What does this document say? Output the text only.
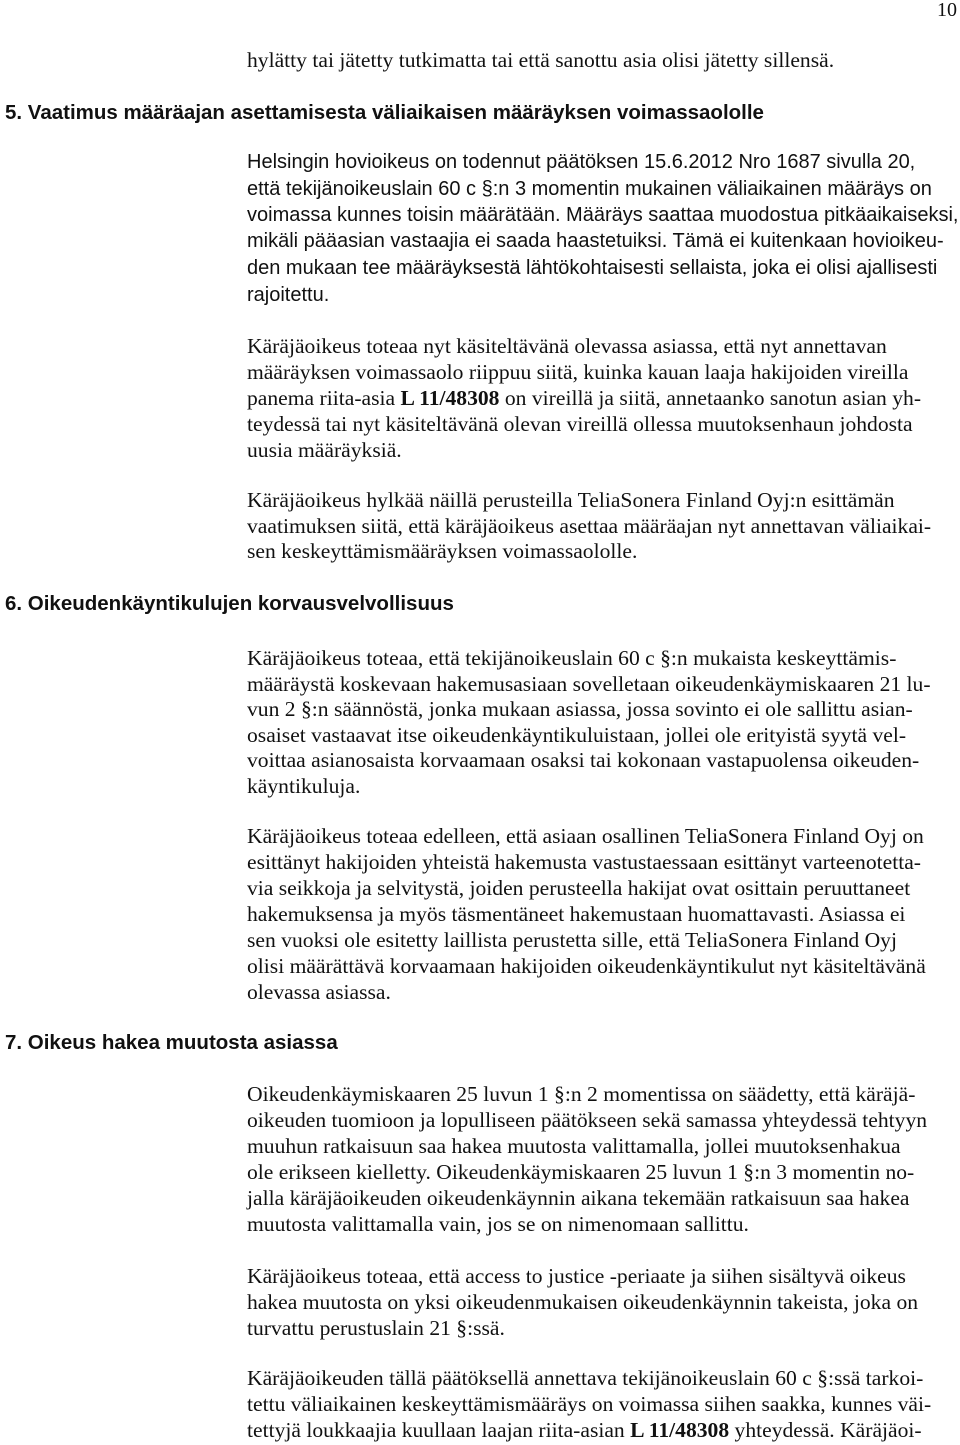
10
hylätty tai jätetty tutkimatta tai että sanottu asia olisi jätetty sillensä.
5. Vaatimus määräajan asettamisesta väliaikaisen määräyksen voimassaololle
Helsingin hovioikeus on todennut päätöksen 15.6.2012 Nro 1687 sivulla 20,
että tekijänoikeuslain 60 c §:n 3 momentin mukainen väliaikainen määräys on
voimassa kunnes toisin määrätään. Määräys saattaa muodostua pitkäaikaiseksi,
mikäli pääasian vastaajia ei saada haastetuiksi. Tämä ei kuitenkaan hovioikeu-
den mukaan tee määräyksestä lähtökohtaisesti sellaista, joka ei olisi ajallisesti
rajoitettu.
Käräjäoikeus toteaa nyt käsiteltävänä olevassa asiassa, että nyt annettavan
määräyksen voimassaolo riippuu siitä, kuinka kauan laaja hakijoiden vireilla
panema riita-asia L 11/48308 on vireillä ja siitä, annetaanko sanotun asian yh-
teydessä tai nyt käsiteltävänä olevan vireillä ollessa muutoksenhaun johdosta
uusia määräyksiä.
Käräjäoikeus hylkää näillä perusteilla TeliaSonera Finland Oyj:n esittämän
vaatimuksen siitä, että käräjäoikeus asettaa määräajan nyt annettavan väliaikai-
sen keskeyttämismääräyksen voimassaololle.
6. Oikeudenkäyntikulujen korvausvelvollisuus
Käräjäoikeus toteaa, että tekijänoikeuslain 60 c §:n mukaista keskeyttämis-
määräystä koskevaan hakemusasiaan sovelletaan oikeudenkäymiskaaren 21 lu-
vun 2 §:n säännöstä, jonka mukaan asiassa, jossa sovinto ei ole sallittu asian-
osaiset vastaavat itse oikeudenkäyntikuluistaan, jollei ole erityistä syytä vel-
voittaa asianosaista korvaamaan osaksi tai kokonaan vastapuolensa oikeuden-
käyntikuluja.
Käräjäoikeus toteaa edelleen, että asiaan osallinen TeliaSonera Finland Oyj on
esittänyt hakijoiden yhteistä hakemusta vastustaessaan esittänyt varteenotetta-
via seikkoja ja selvitystä, joiden perusteella hakijat ovat osittain peruuttaneet
hakemuksensa ja myös täsmentäneet hakemustaan huomattavasti. Asiassa ei
sen vuoksi ole esitetty laillista perustetta sille, että TeliaSonera Finland Oyj
olisi määrättävä korvaamaan hakijoiden oikeudenkäyntikulut nyt käsiteltävänä
olevassa asiassa.
7. Oikeus hakea muutosta asiassa
Oikeudenkäymiskaaren 25 luvun 1 §:n 2 momentissa on säädetty, että käräjä-
oikeuden tuomioon ja lopulliseen päätökseen sekä samassa yhteydessä tehtyyn
muuhun ratkaisuun saa hakea muutosta valittamalla, jollei muutoksenhakua
ole erikseen kielletty. Oikeudenkäymiskaaren 25 luvun 1 §:n 3 momentin no-
jalla käräjäoikeuden oikeudenkäynnin aikana tekemään ratkaisuun saa hakea
muutosta valittamalla vain, jos se on nimenomaan sallittu.
Käräjäoikeus toteaa, että access to justice -periaate ja siihen sisältyvä oikeus
hakea muutosta on yksi oikeudenmukaisen oikeudenkäynnin takeista, joka on
turvattu perustuslain 21 §:ssä.
Käräjäoikeuden tällä päätöksellä annettava tekijänoikeuslain 60 c §:ssä tarkoi-
tettu väliaikainen keskeyttämismääräys on voimassa siihen saakka, kunnes väi-
tettyjä loukkaajia kuullaan laajan riita-asian L 11/48308 yhteydessä. Käräjäoi-
